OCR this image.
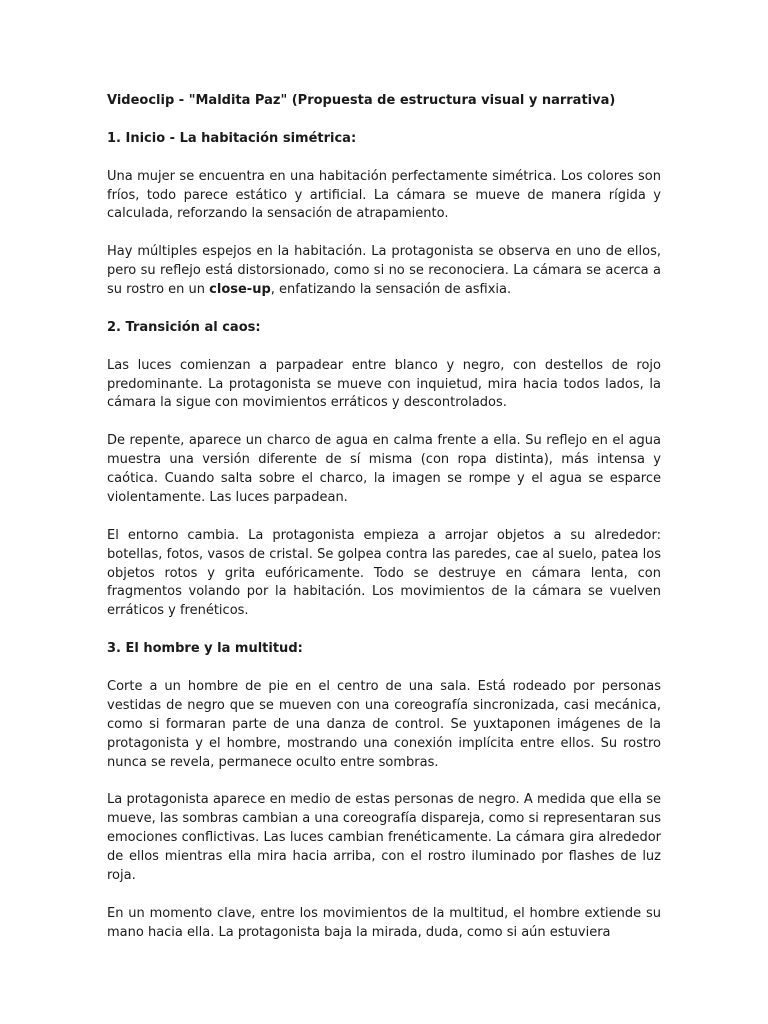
Videoclip - "Maldita Paz" (Propuesta de estructura visual y narrativa)

1. Inicio - La habitación simétrica:

Una mujer se encuentra en una habitación perfectamente simétrica. Los colores son fríos, todo parece estático y artificial. La cámara se mueve de manera rígida y calculada, reforzando la sensación de atrapamiento.

Hay múltiples espejos en la habitación. La protagonista se observa en uno de ellos, pero su reflejo está distorsionado, como si no se reconociera. La cámara se acerca a su rostro en un close-up, enfatizando la sensación de asfixia.

2. Transición al caos:

Las luces comienzan a parpadear entre blanco y negro, con destellos de rojo predominante. La protagonista se mueve con inquietud, mira hacia todos lados, la cámara la sigue con movimientos erráticos y descontrolados.

De repente, aparece un charco de agua en calma frente a ella. Su reflejo en el agua muestra una versión diferente de sí misma (con ropa distinta), más intensa y caótica. Cuando salta sobre el charco, la imagen se rompe y el agua se esparce violentamente. Las luces parpadean.

El entorno cambia. La protagonista empieza a arrojar objetos a su alrededor: botellas, fotos, vasos de cristal. Se golpea contra las paredes, cae al suelo, patea los objetos rotos y grita eufóricamente. Todo se destruye en cámara lenta, con fragmentos volando por la habitación. Los movimientos de la cámara se vuelven erráticos y frenéticos.

3. El hombre y la multitud:

Corte a un hombre de pie en el centro de una sala. Está rodeado por personas vestidas de negro que se mueven con una coreografía sincronizada, casi mecánica, como si formaran parte de una danza de control. Se yuxtaponen imágenes de la protagonista y el hombre, mostrando una conexión implícita entre ellos. Su rostro nunca se revela, permanece oculto entre sombras.

La protagonista aparece en medio de estas personas de negro. A medida que ella se mueve, las sombras cambian a una coreografía dispareja, como si representaran sus emociones conflictivas. Las luces cambian frenéticamente. La cámara gira alrededor de ellos mientras ella mira hacia arriba, con el rostro iluminado por flashes de luz roja.

En un momento clave, entre los movimientos de la multitud, el hombre extiende su mano hacia ella. La protagonista baja la mirada, duda, como si aún estuviera
